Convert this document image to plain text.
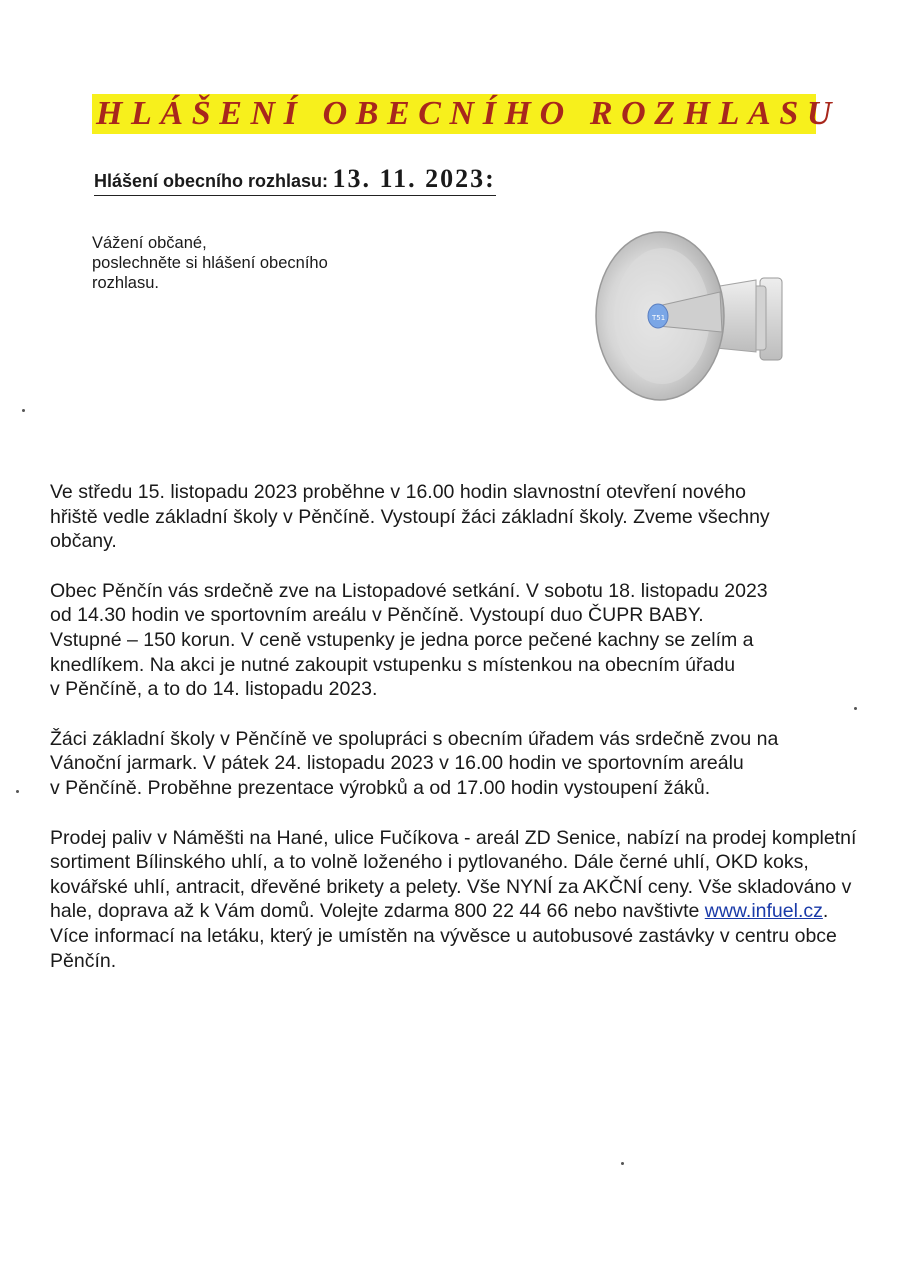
HLÁŠENÍ OBECNÍHO ROZHLASU
Hlášení obecního rozhlasu: 13. 11. 2023:
Vážení občané,
poslechněte si hlášení obecního
rozhlasu.
T51

Ve středu 15. listopadu 2023 proběhne v 16.00 hodin slavnostní otevření nového
hřiště vedle základní školy v Pěnčíně. Vystoupí žáci základní školy. Zveme všechny
občany.

Obec Pěnčín vás srdečně zve na Listopadové setkání. V sobotu 18. listopadu 2023
od 14.30 hodin ve sportovním areálu v Pěnčíně. Vystoupí duo ČUPR BABY.
Vstupné – 150 korun. V ceně vstupenky je jedna porce pečené kachny se zelím a
knedlíkem. Na akci je nutné zakoupit vstupenku s místenkou na obecním úřadu
v Pěnčíně, a to do 14. listopadu 2023.

Žáci základní školy v Pěnčíně ve spolupráci s obecním úřadem vás srdečně zvou na
Vánoční jarmark. V pátek 24. listopadu 2023 v 16.00 hodin ve sportovním areálu
v Pěnčíně. Proběhne prezentace výrobků a od 17.00 hodin vystoupení žáků.

Prodej paliv v Náměšti na Hané, ulice Fučíkova - areál ZD Senice, nabízí na prodej kompletní sortiment Bílinského uhlí, a to volně loženého i pytlovaného. Dále černé uhlí, OKD koks, kovářské uhlí, antracit, dřevěné brikety a pelety. Vše NYNÍ za AKČNÍ ceny. Vše skladováno v hale, doprava až k Vám domů. Volejte zdarma 800 22 44 66 nebo navštivte www.infuel.cz. Více informací na letáku, který je umístěn na vývěsce u autobusové zastávky v centru obce Pěnčín.
